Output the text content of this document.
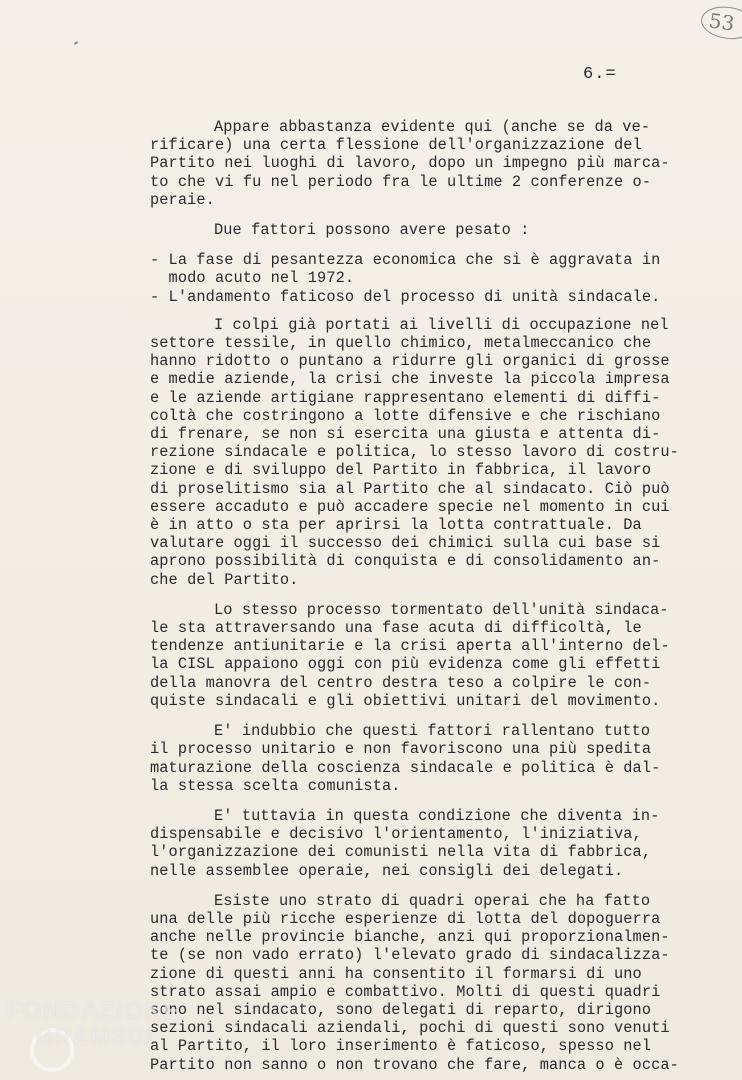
53
6.=
Appare abbastanza evidente qui (anche se da ve-
rificare) una certa flessione dell'organizzazione del
Partito nei luoghi di lavoro, dopo un impegno più marca-
to che vi fu nel periodo fra le ultime 2 conferenze o-
peraie.
Due fattori possono avere pesato :
- La fase di pesantezza economica che si è aggravata in
modo acuto nel 1972.
- L'andamento faticoso del processo di unità sindacale.
I colpi già portati ai livelli di occupazione nel
settore tessile, in quello chimico, metalmeccanico che
hanno ridotto o puntano a ridurre gli organici di grosse
e medie aziende, la crisi che investe la piccola impresa
e le aziende artigiane rappresentano elementi di diffi-
coltà che costringono a lotte difensive e che rischiano
di frenare, se non si esercita una giusta e attenta di-
rezione sindacale e politica, lo stesso lavoro di costru-
zione e di sviluppo del Partito in fabbrica, il lavoro
di proselitismo sia al Partito che al sindacato. Ciò può
essere accaduto e può accadere specie nel momento in cui
è in atto o sta per aprirsi la lotta contrattuale. Da
valutare oggi il successo dei chimici sulla cui base si
aprono possibilità di conquista e di consolidamento an-
che del Partito.
Lo stesso processo tormentato dell'unità sindaca-
le sta attraversando una fase acuta di difficoltà, le
tendenze antiunitarie e la crisi aperta all'interno del-
la CISL appaiono oggi con più evidenza come gli effetti
della manovra del centro destra teso a colpire le con-
quiste sindacali e gli obiettivi unitari del movimento.
E' indubbio che questi fattori rallentano tutto
il processo unitario e non favoriscono una più spedita
maturazione della coscienza sindacale e politica è dal-
la stessa scelta comunista.
E' tuttavia in questa condizione che diventa in-
dispensabile e decisivo l'orientamento, l'iniziativa,
l'organizzazione dei comunisti nella vita di fabbrica,
nelle assemblee operaie, nei consigli dei delegati.
Esiste uno strato di quadri operai che ha fatto
una delle più ricche esperienze di lotta del dopoguerra
anche nelle provincie bianche, anzi qui proporzionalmen-
te (se non vado errato) l'elevato grado di sindacalizza-
zione di questi anni ha consentito il formarsi di uno
strato assai ampio e combattivo. Molti di questi quadri
sono nel sindacato, sono delegati di reparto, dirigono
sezioni sindacali aziendali, pochi di questi sono venuti
al Partito, il loro inserimento è faticoso, spesso nel
Partito non sanno o non trovano che fare, manca o è occa-
FONDAZIONE
GRAMSCI
